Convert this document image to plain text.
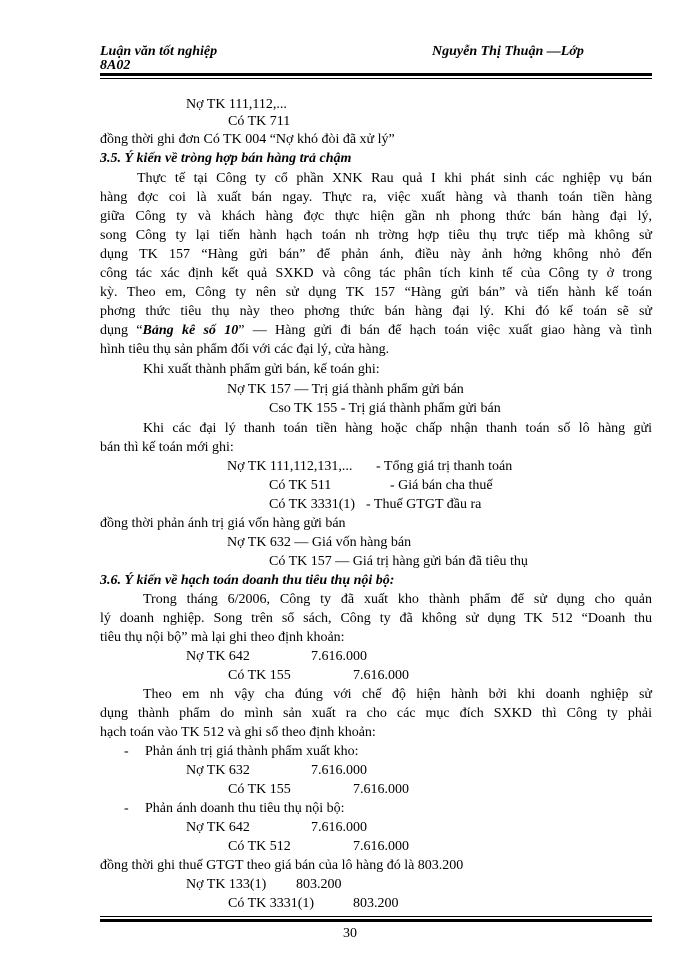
Luận văn tốt nghiệp
8A02
Nguyễn Thị Thuận —Lớp
Nợ TK 111,112,...
Có TK 711
đồng thời ghi đơn Có TK 004 “Nợ khó đòi đã xử lý”
3.5. Ý kiến về tròng hợp bán hàng trả chậm
Thực tế tại Công ty cổ phần XNK Rau quả I khi phát sinh các nghiệp vụ bán
hàng đợc coi là xuất bán ngay. Thực ra, việc xuất hàng và thanh toán tiền hàng
giữa Công ty và khách hàng đợc thực hiện gần nh phong thức bán hàng đại lý,
song Công ty lại tiến hành hạch toán nh trờng hợp tiêu thụ trực tiếp mà không sử
dụng TK 157 “Hàng gửi bán” để phản ánh, điều này ảnh hởng không nhỏ đến
công tác xác định kết quả SXKD và công tác phân tích kinh tế của Công ty ở trong
kỳ. Theo em, Công ty nên sử dụng TK 157 “Hàng gửi bán” và tiến hành kế toán
phơng thức tiêu thụ này theo phơng thức bán hàng đại lý. Khi đó kế toán sẽ sử
dụng “Bảng kê số 10” — Hàng gửi đi bán để hạch toán việc xuất giao hàng và tình
hình tiêu thụ sản phẩm đối với các đại lý, cửa hàng.
Khi xuất thành phẩm gửi bán, kế toán ghi:
Nợ TK 157 — Trị giá thành phẩm gửi bán
Cso TK 155 - Trị giá thành phẩm gửi bán
Khi các đại lý thanh toán tiền hàng hoặc chấp nhận thanh toán số lô hàng gửi
bán thì kế toán mới ghi:
Nợ TK 111,112,131,... - Tổng giá trị thanh toán
Có TK 511	- Giá bán cha thuế
Có TK 3331(1) - Thuế GTGT đầu ra
đồng thời phản ánh trị giá vốn hàng gửi bán
Nợ TK 632 — Giá vốn hàng bán
Có TK 157 — Giá trị hàng gửi bán đã tiêu thụ
3.6. Ý kiến về hạch toán doanh thu tiêu thụ nội bộ:
Trong tháng 6/2006, Công ty đã xuất kho thành phẩm để sử dụng cho quản
lý doanh nghiệp. Song trên sổ sách, Công ty đã không sử dụng TK 512 “Doanh thu
tiêu thụ nội bộ” mà lại ghi theo định khoản:
Nợ TK 642	7.616.000
Có TK 155	7.616.000
Theo em nh vậy cha đúng với chế độ hiện hành bởi khi doanh nghiệp sử
dụng thành phẩm do mình sản xuất ra cho các mục đích SXKD thì Công ty phải
hạch toán vào TK 512 và ghi sổ theo định khoản:
- Phản ánh trị giá thành phẩm xuất kho:
Nợ TK 632	7.616.000
Có TK 155	7.616.000
- Phản ánh doanh thu tiêu thụ nội bộ:
Nợ TK 642	7.616.000
Có TK 512	7.616.000
đồng thời ghi thuế GTGT theo giá bán của lô hàng đó là 803.200
Nợ TK 133(1) 803.200
Có TK 3331(1)	803.200
30
